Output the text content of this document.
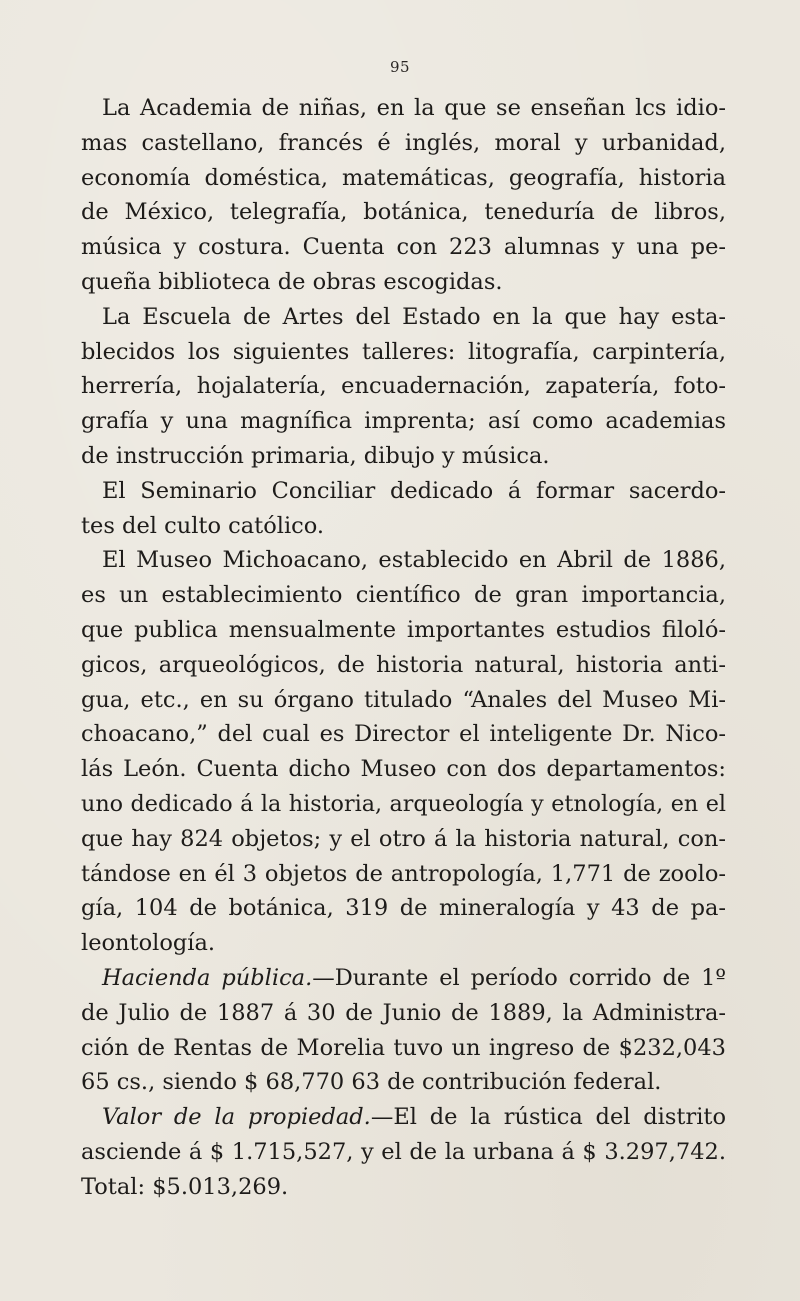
95
La Academia de niñas, en la que se enseñan lcs idio-
mas castellano, francés é inglés, moral y urbanidad,
economía doméstica, matemáticas, geografía, historia
de México, telegrafía, botánica, teneduría de libros,
música y costura. Cuenta con 223 alumnas y una pe-
queña biblioteca de obras escogidas.
La Escuela de Artes del Estado en la que hay esta-
blecidos los siguientes talleres: litografía, carpintería,
herrería, hojalatería, encuadernación, zapatería, foto-
grafía y una magnífica imprenta; así como academias
de instrucción primaria, dibujo y música.
El Seminario Conciliar dedicado á formar sacerdo-
tes del culto católico.
El Museo Michoacano, establecido en Abril de 1886,
es un establecimiento científico de gran importancia,
que publica mensualmente importantes estudios filoló-
gicos, arqueológicos, de historia natural, historia anti-
gua, etc., en su órgano titulado “Anales del Museo Mi-
choacano,” del cual es Director el inteligente Dr. Nico-
lás León. Cuenta dicho Museo con dos departamentos:
uno dedicado á la historia, arqueología y etnología, en el
que hay 824 objetos; y el otro á la historia natural, con-
tándose en él 3 objetos de antropología, 1,771 de zoolo-
gía, 104 de botánica, 319 de mineralogía y 43 de pa-
leontología.
Hacienda pública.—Durante el período corrido de 1º
de Julio de 1887 á 30 de Junio de 1889, la Administra-
ción de Rentas de Morelia tuvo un ingreso de $232,043
65 cs., siendo $ 68,770 63 de contribución federal.
Valor de la propiedad.—El de la rústica del distrito
asciende á $ 1.715,527, y el de la urbana á $ 3.297,742.
Total: $5.013,269.
